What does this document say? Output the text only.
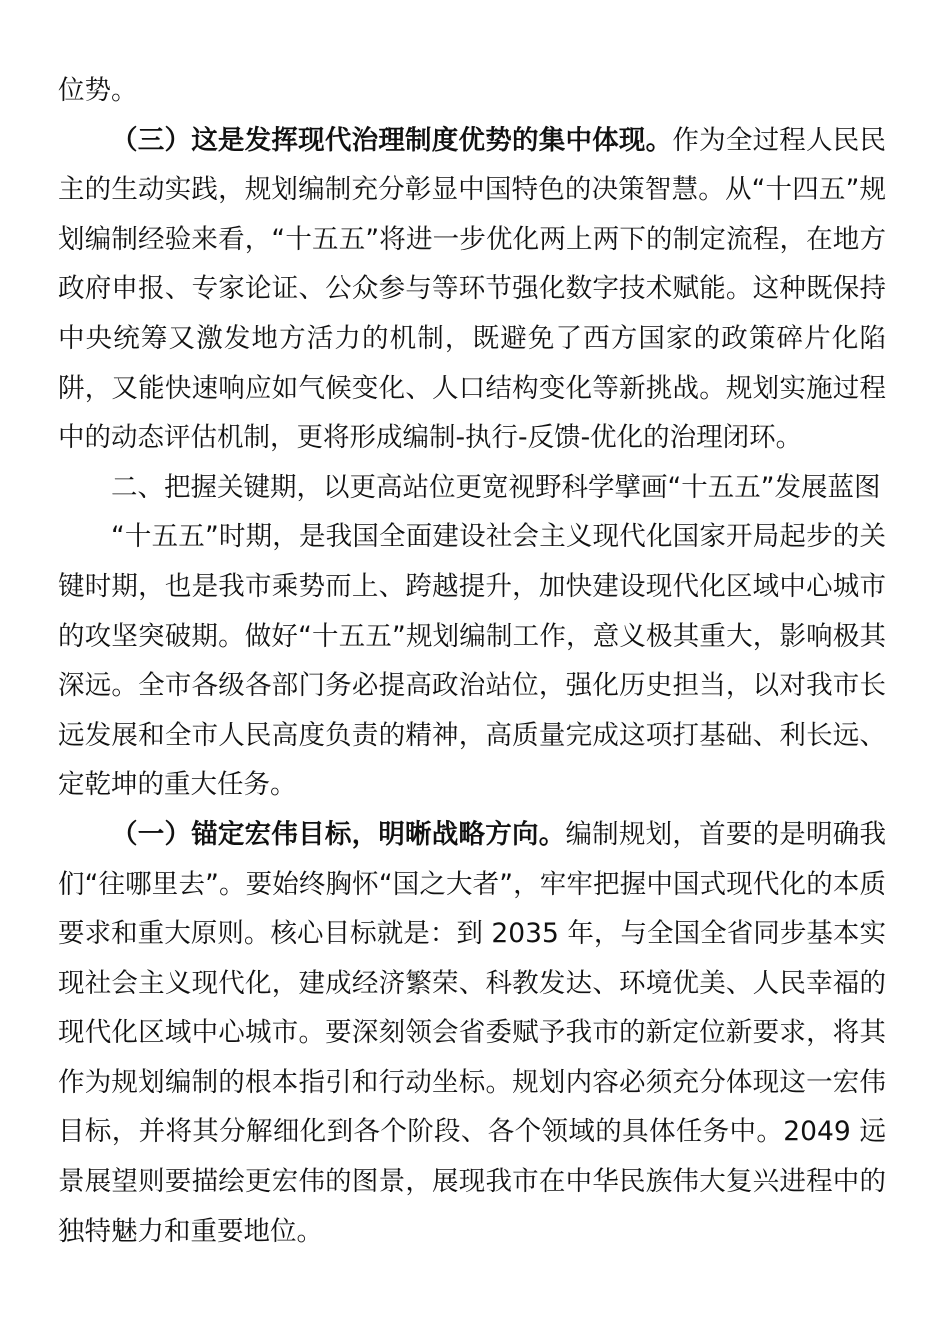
位势。

（三）这是发挥现代治理制度优势的集中体现。作为全过程人民民主的生动实践，规划编制充分彰显中国特色的决策智慧。从“十四五”规划编制经验来看，“十五五”将进一步优化两上两下的制定流程，在地方政府申报、专家论证、公众参与等环节强化数字技术赋能。这种既保持中央统筹又激发地方活力的机制，既避免了西方国家的政策碎片化陷阱，又能快速响应如气候变化、人口结构变化等新挑战。规划实施过程中的动态评估机制，更将形成编制-执行-反馈-优化的治理闭环。

二、把握关键期，以更高站位更宽视野科学擘画“十五五”发展蓝图

“十五五”时期，是我国全面建设社会主义现代化国家开局起步的关键时期，也是我市乘势而上、跨越提升，加快建设现代化区域中心城市的攻坚突破期。做好“十五五”规划编制工作，意义极其重大，影响极其深远。全市各级各部门务必提高政治站位，强化历史担当，以对我市长远发展和全市人民高度负责的精神，高质量完成这项打基础、利长远、定乾坤的重大任务。

（一）锚定宏伟目标，明晰战略方向。编制规划，首要的是明确我们“往哪里去”。要始终胸怀“国之大者”，牢牢把握中国式现代化的本质要求和重大原则。核心目标就是：到 2035 年，与全国全省同步基本实现社会主义现代化，建成经济繁荣、科教发达、环境优美、人民幸福的现代化区域中心城市。要深刻领会省委赋予我市的新定位新要求，将其作为规划编制的根本指引和行动坐标。规划内容必须充分体现这一宏伟目标，并将其分解细化到各个阶段、各个领域的具体任务中。2049 远景展望则要描绘更宏伟的图景，展现我市在中华民族伟大复兴进程中的独特魅力和重要地位。
